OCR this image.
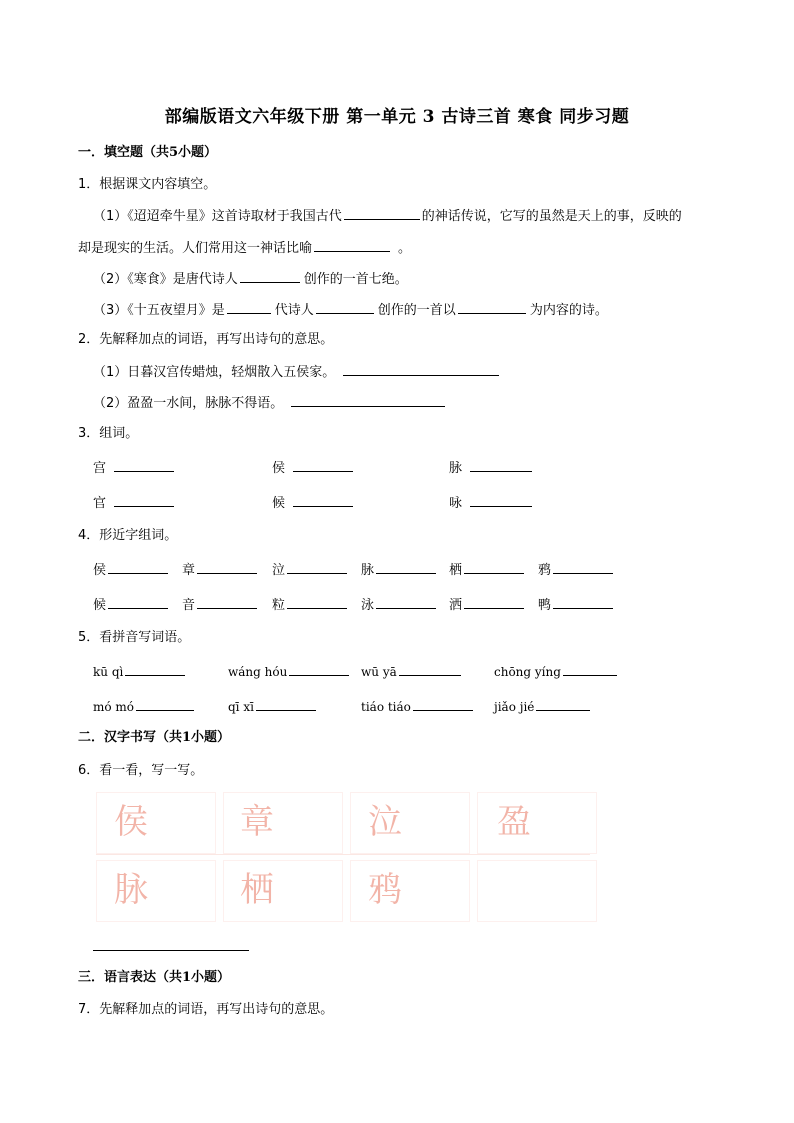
部编版语文六年级下册 第一单元 3 古诗三首 寒食 同步习题
一．填空题（共5小题）
1．根据课文内容填空。
（1）《迢迢牵牛星》这首诗取材于我国古代	的神话传说，它写的虽然是天上的事，反映的
却是现实的生活。人们常用这一神话比喻	。
（2）《寒食》是唐代诗人	创作的一首七绝。
（3）《十五夜望月》是	代诗人	创作的一首以	为内容的诗。
2．先解释加点的词语，再写出诗句的意思。
（1）日暮汉宫传蜡烛，轻烟散入五侯家。
（2）盈盈一水间，脉脉不得语。
3．组词。
宫	侯	脉
官	候	咏
4．形近字组词。
侯	章	泣	脉	栖	鸦
候	音	粒	泳	洒	鸭
5．看拼音写词语。
kū qì	wáng hóu	wū yā	chōng yíng
mó mó	qī xī	tiáo tiáo	jiǎo jié
二．汉字书写（共1小题）
6．看一看，写一写。
侯	章	泣	盈
脉	栖	鸦
三．语言表达（共1小题）
7．先解释加点的词语，再写出诗句的意思。
